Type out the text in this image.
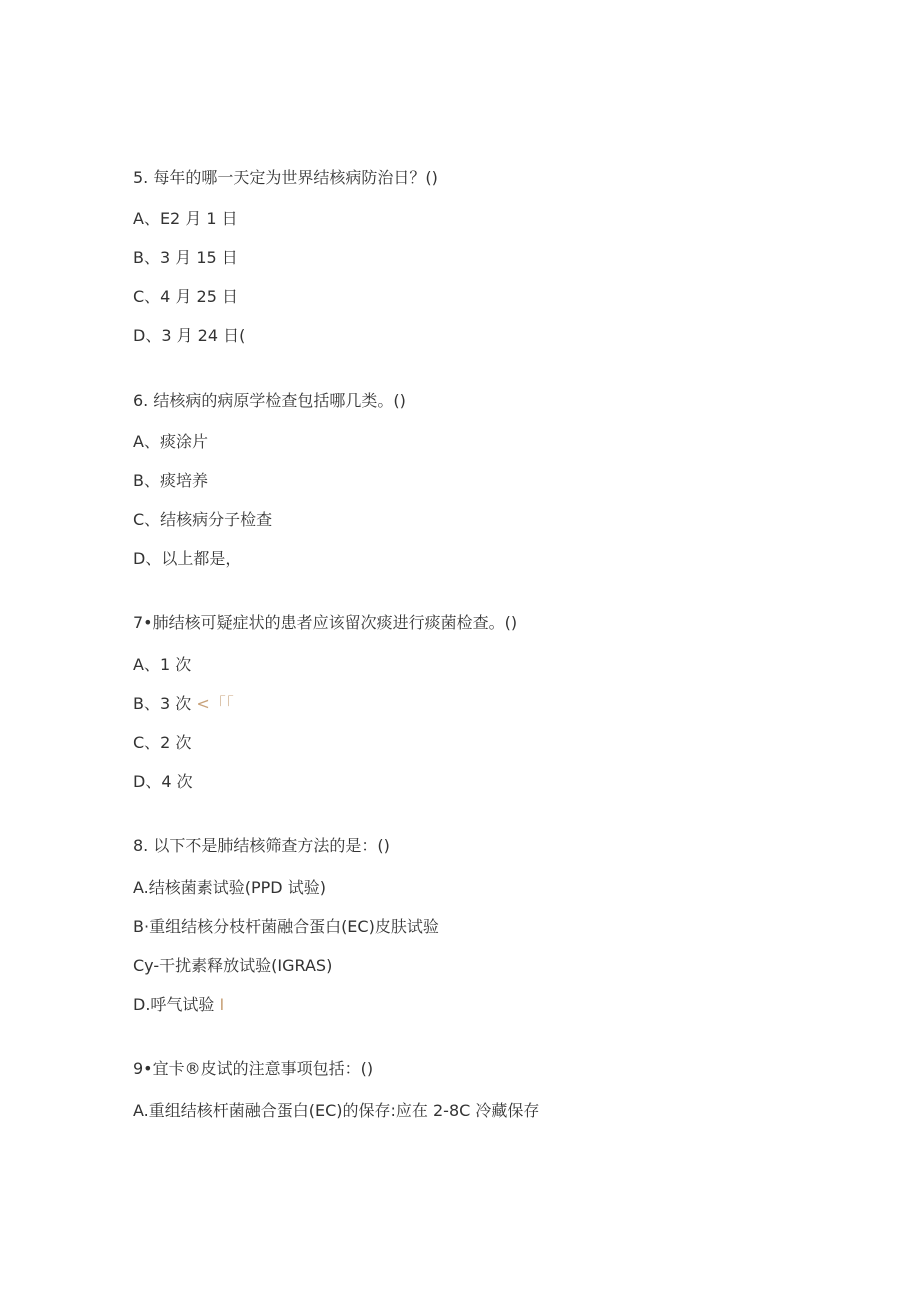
5. 每年的哪一天定为世界结核病防治日？()
A、E2 月 1 日
B、3 月 15 日
C、4 月 25 日
D、3 月 24 日(
6. 结核病的病原学检查包括哪几类。()
A、痰涂片
B、痰培养
C、结核病分子检查
D、以上都是，
7•肺结核可疑症状的患者应该留次痰进行痰菌检查。()
A、1 次
B、3 次 <「「
C、2 次
D、4 次
8. 以下不是肺结核筛查方法的是：()
A.结核菌素试验(PPD 试验)
B·重组结核分枝杆菌融合蛋白(EC)皮肤试验
Cy-干扰素释放试验(IGRAS)
D.呼气试验 I
9•宜卡®皮试的注意事项包括：()
A.重组结核杆菌融合蛋白(EC)的保存:应在 2-8C 冷藏保存
